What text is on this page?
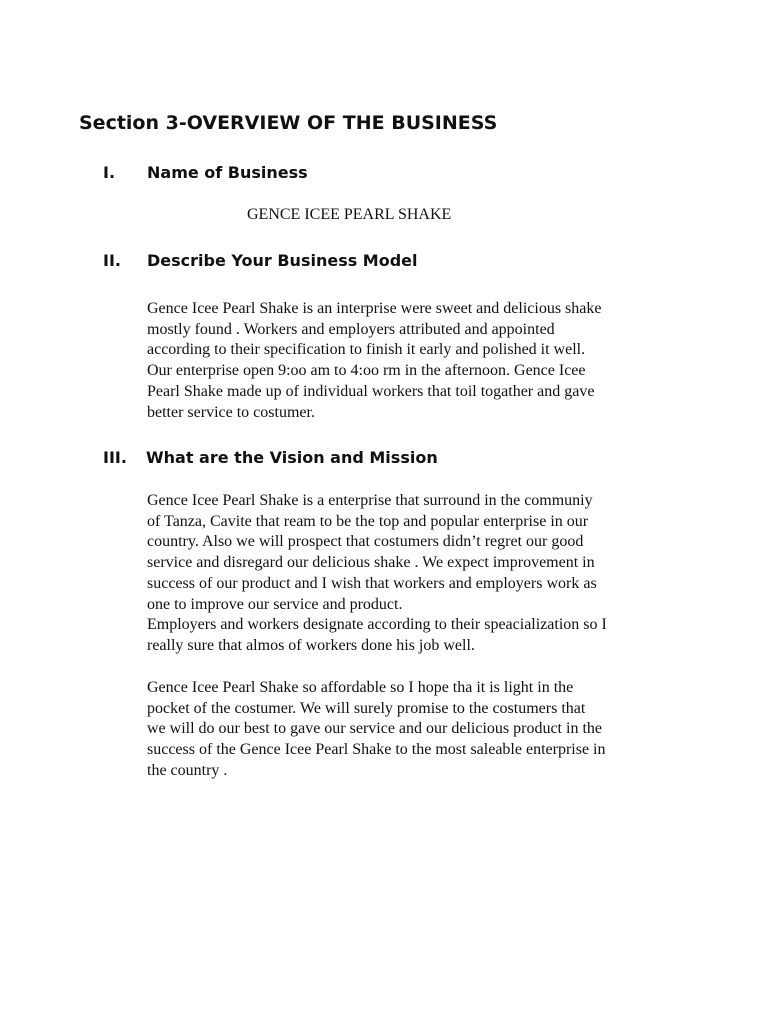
Section 3-OVERVIEW OF THE BUSINESS
I. Name of Business
GENCE ICEE PEARL SHAKE
II. Describe Your Business Model
Gence Icee Pearl Shake is an interprise were sweet and delicious shake
mostly found . Workers and employers attributed and appointed
according to their specification to finish it early and polished it well.
Our enterprise open 9:oo am to 4:oo rm in the afternoon. Gence Icee
Pearl Shake made up of individual workers that toil togather and gave
better service to costumer.
III. What are the Vision and Mission
Gence Icee Pearl Shake is a enterprise that surround in the communiy
of Tanza, Cavite that ream to be the top and popular enterprise in our
country. Also we will prospect that costumers didn’t regret our good
service and disregard our delicious shake . We expect improvement in
success of our product and I wish that workers and employers work as
one to improve our service and product.
Employers and workers designate according to their speacialization so I
really sure that almos of workers done his job well.
Gence Icee Pearl Shake so affordable so I hope tha it is light in the
pocket of the costumer. We will surely promise to the costumers that
we will do our best to gave our service and our delicious product in the
success of the Gence Icee Pearl Shake to the most saleable enterprise in
the country .
